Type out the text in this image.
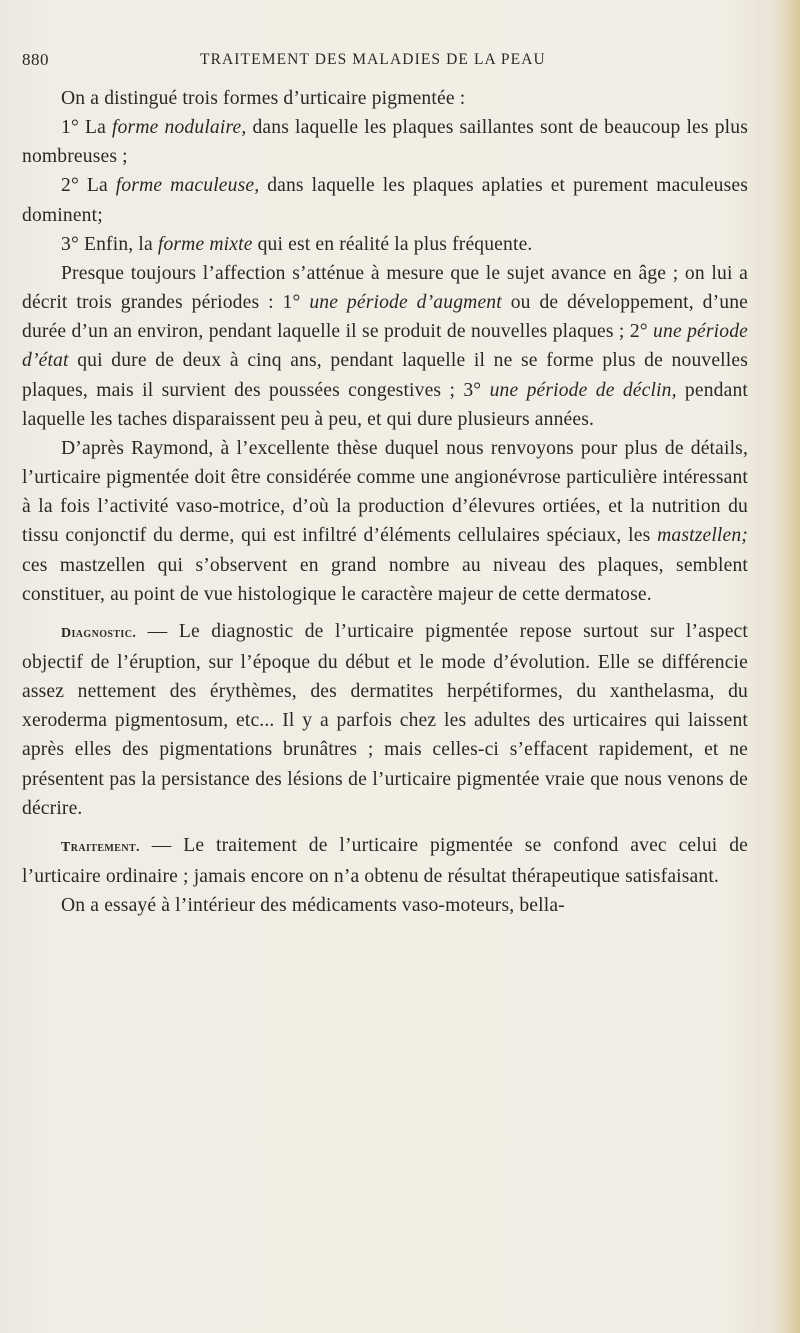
880	TRAITEMENT DES MALADIES DE LA PEAU

On a distingué trois formes d’urticaire pigmentée :

1° La forme nodulaire, dans laquelle les plaques saillantes sont de beaucoup les plus nombreuses ;

2° La forme maculeuse, dans laquelle les plaques aplaties et purement maculeuses dominent;

3° Enfin, la forme mixte qui est en réalité la plus fréquente.

Presque toujours l’affection s’atténue à mesure que le sujet avance en âge ; on lui a décrit trois grandes périodes : 1° une période d’augment ou de développement, d’une durée d’un an environ, pendant laquelle il se produit de nouvelles plaques ; 2° une période d’état qui dure de deux à cinq ans, pendant laquelle il ne se forme plus de nouvelles plaques, mais il survient des poussées congestives ; 3° une période de déclin, pendant laquelle les taches disparaissent peu à peu, et qui dure plusieurs années.

D’après Raymond, à l’excellente thèse duquel nous renvoyons pour plus de détails, l’urticaire pigmentée doit être considérée comme une angionévrose particulière intéressant à la fois l’activité vaso-motrice, d’où la production d’élevures ortiées, et la nutrition du tissu conjonctif du derme, qui est infiltré d’éléments cellulaires spéciaux, les mastzellen; ces mastzellen qui s’observent en grand nombre au niveau des plaques, semblent constituer, au point de vue histologique le caractère majeur de cette dermatose.

Diagnostic. — Le diagnostic de l’urticaire pigmentée repose surtout sur l’aspect objectif de l’éruption, sur l’époque du début et le mode d’évolution. Elle se différencie assez nettement des érythèmes, des dermatites herpétiformes, du xanthelasma, du xeroderma pigmentosum, etc... Il y a parfois chez les adultes des urticaires qui laissent après elles des pigmentations brunâtres ; mais celles-ci s’effacent rapidement, et ne présentent pas la persistance des lésions de l’urticaire pigmentée vraie que nous venons de décrire.

Traitement. — Le traitement de l’urticaire pigmentée se confond avec celui de l’urticaire ordinaire ; jamais encore on n’a obtenu de résultat thérapeutique satisfaisant.

On a essayé à l’intérieur des médicaments vaso-moteurs, bella-
